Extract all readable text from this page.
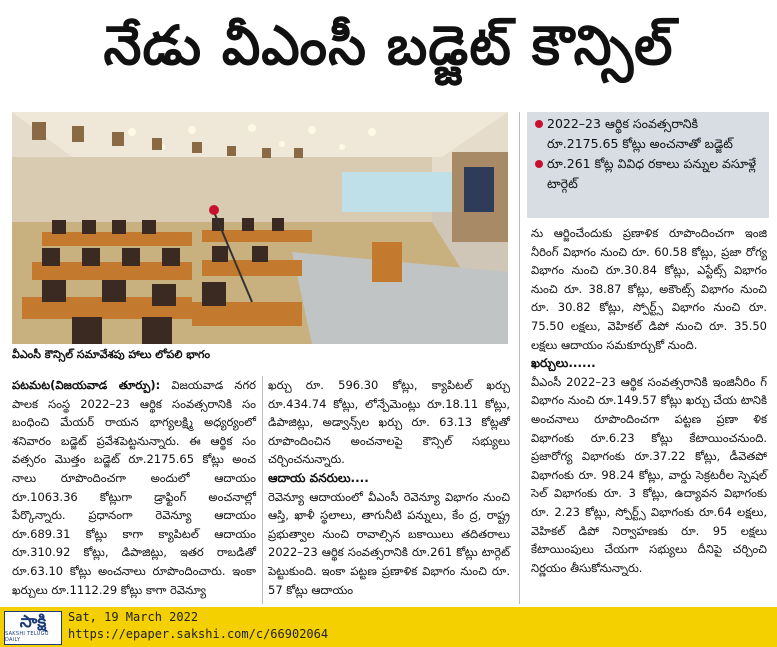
నేడు వీఎంసీ బడ్జెట్ కౌన్సిల్
వీఎంసీ కౌన్సిల్ సమావేశపు హాలు లోపలి భాగం
2022–23 ఆర్థిక సంవత్సరానికి రూ.2175.65 కోట్లు అంచనాతో బడ్జెట్
రూ.261 కోట్ల వివిధ రకాలు పన్నుల వసూళ్లే టార్గెట్

ను ఆర్జించేందుకు ప్రణాళిక రూపొందించగా ఇంజి నీరింగ్ విభాగం నుంచి రూ. 60.58 కోట్లు, ప్రజా రోగ్య విభాగం నుంచి రూ.30.84 కోట్లు, ఎస్టేట్స్ విభాగం నుంచి రూ. 38.87 కోట్లు, అకౌంట్స్ విభాగం నుంచి రూ. 30.82 కోట్లు, స్పోర్ట్స్ విభాగం నుంచి రూ. 75.50 లక్షలు, వెహికల్ డిపో నుంచి రూ. 35.50 లక్షలు ఆదాయం సమకూర్చుకో నుంది.

ఖర్చులు......

వీఎంసీ 2022–23 ఆర్థిక సంవత్సరానికి ఇంజినీరిం గ్ విభాగం నుంచి రూ.149.57 కోట్లు ఖర్చు చేయ టానికి అంచనాలు రూపొందించగా పట్టణ ప్రణా ళిక విభాగంకు రూ.6.23 కోట్లు కేటాయించనుంది. ప్రజారోగ్య విభాగంకు రూ.37.22 కోట్లు, డీవెతపో విభాగంకు రూ. 98.24 కోట్లు, వార్డు సెక్రటరీల స్పెషల్ సెల్ విభాగంకు రూ. 3 కోట్లు, ఉద్యావన విభాగంకు రూ. 2.23 కోట్లు, స్పోర్ట్స్ విభాగంకు రూ.64 లక్షలు, వెహికల్ డిపో నిర్వాహణకు రూ. 95 లక్షలు కేటాయింపులు చేయగా సభ్యులు దీనిపై చర్చించి నిర్ణయం తీసుకోనున్నారు.

పటమట(విజయవాడ తూర్పు): విజయవాడ నగర పాలక సంస్థ 2022–23 ఆర్థిక సంవత్సరానికి సం బంధించి మేయర్ రాయన భాగ్యలక్ష్మి అధ్యర్యంలో శనివారం బడ్జెట్ ప్రవేశపెట్టనున్నారు. ఈ ఆర్థిక సం వత్సరం మొత్తం బడ్జెట్ రూ.2175.65 కోట్లు అంచ నాలు రూపొందించగా అందులో ఆదాయం రూ.1063.36 కోట్లుగా డ్రాఫ్టింగ్ అంచనాల్లో పేర్కొన్నారు. ప్రధానంగా రెవెన్యూ ఆదాయం రూ.689.31 కోట్లు కాగా క్యాపిటల్ ఆదాయం రూ.310.92 కోట్లు, డిపాజిట్లు, ఇతర రాబడితో రూ.63.10 కోట్లు అంచనాలు రూపొందించారు. ఇంకా ఖర్చులు రూ.1112.29 కోట్లు కాగా రెవెన్యూ

ఖర్చు రూ. 596.30 కోట్లు, క్యాపిటల్ ఖర్చు రూ.434.74 కోట్లు, లోన్పేమెంట్లు రూ.18.11 కోట్లు, డిపాజిట్లు, అడ్వాన్స్‌ల ఖర్చు రూ. 63.13 కోట్లతో రూపొందించిన అంచనాలపై కౌన్సిల్ సభ్యులు చర్చించనున్నారు.

ఆదాయ వనరులు....

రెవెన్యూ ఆదాయంలో వీఎంసీ రెవెన్యూ విభాగం నుంచి ఆస్తి, ఖాళీ స్థలాలు, తాగునీటి పన్నులు, కేం ద్ర, రాష్ట్ర ప్రభుత్వాల నుంచి రావాల్సిన బకాయిలు తదితరాలు 2022–23 ఆర్థిక సంవత్సరానికి రూ.261 కోట్లు టార్గెట్ పెట్టుకుంది. ఇంకా పట్టణ ప్రణాళిక విభాగం నుంచి రూ. 57 కోట్లు ఆదాయం

సాక్షి
SAKSHI TELUGU DAILY
Sat, 19 March 2022
https://epaper.sakshi.com/c/66902064
